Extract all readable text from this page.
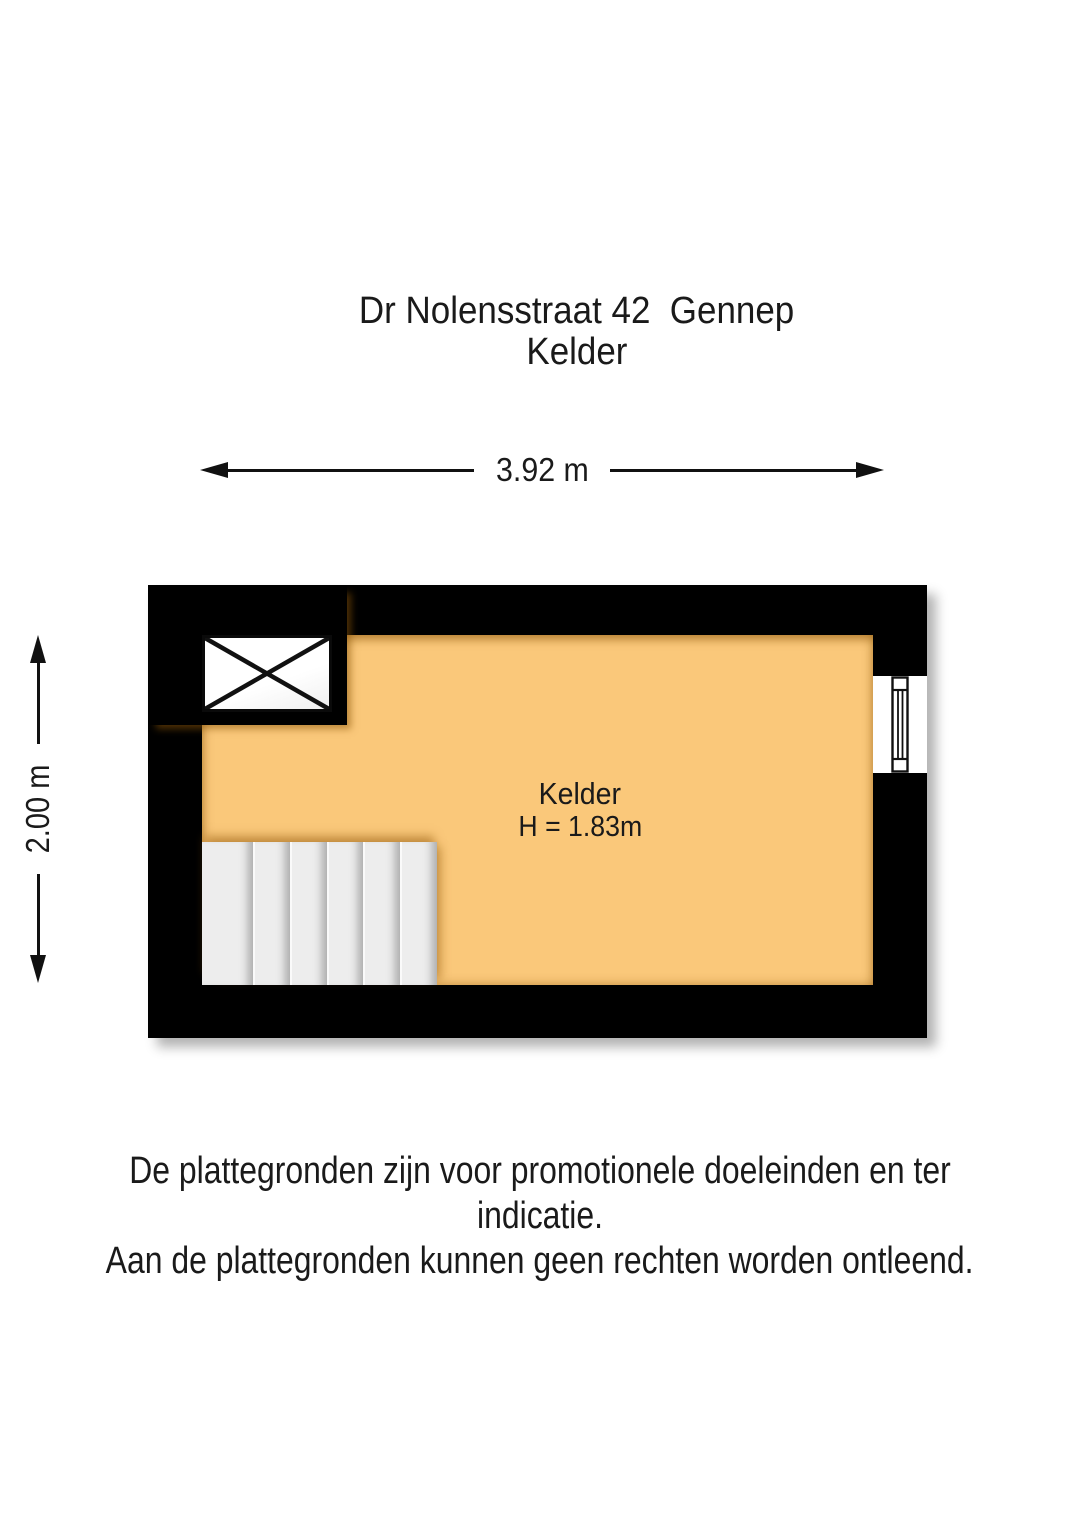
Dr Nolensstraat 42  Gennep
Kelder
3.92 m
2.00 m	Kelder
H = 1.83m
De plattegronden zijn voor promotionele doeleinden en ter indicatie.
Aan de plattegronden kunnen geen rechten worden ontleend.
